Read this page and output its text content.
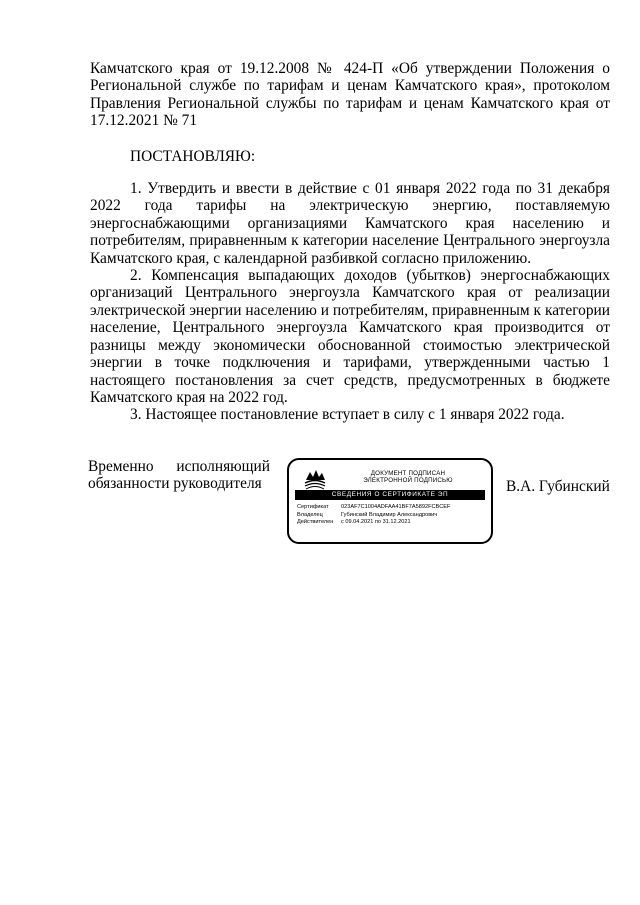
Камчатского края от 19.12.2008 № 424-П «Об утверждении Положения о Региональной службе по тарифам и ценам Камчатского края», протоколом Правления Региональной службы по тарифам и ценам Камчатского края от 17.12.2021 № 71

ПОСТАНОВЛЯЮ:

1. Утвердить и ввести в действие с 01 января 2022 года по 31 декабря 2022 года тарифы на электрическую энергию, поставляемую энергоснабжающими организациями Камчатского края населению и потребителям, приравненным к категории население Центрального энергоузла Камчатского края, с календарной разбивкой согласно приложению.

2. Компенсация выпадающих доходов (убытков) энергоснабжающих организаций Центрального энергоузла Камчатского края от реализации электрической энергии населению и потребителям, приравненным к категории население, Центрального энергоузла Камчатского края производится от разницы между экономически обоснованной стоимостью электрической энергии в точке подключения и тарифами, утвержденными частью 1 настоящего постановления за счет средств, предусмотренных в бюджете Камчатского края на 2022 год.

3. Настоящее постановление вступает в силу с 1 января 2022 года.

Временно исполняющий
обязанности руководителя
ДОКУМЕНТ ПОДПИСАН
ЭЛЕКТРОННОЙ ПОДПИСЬЮ
СВЕДЕНИЯ О СЕРТИФИКАТЕ ЭП
Сертификат	023AF7C1004ADFAA41BF7A5892FCBCEF
Владелец	Губинский Владимир Александрович
Действителен	с 09.04.2021 по 31.12.2021
В.А. Губинский
